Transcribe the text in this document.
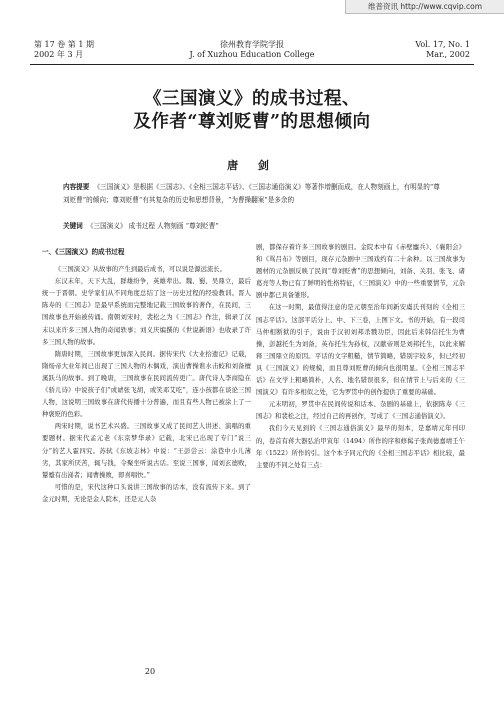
维普资讯 http://www.cqvip.com
第 17 卷 第 1 期
2002 年 3 月
徐州教育学院学报
J. of Xuzhou Education College
Vol. 17, No. 1
Mar., 2002
《三国演义》的成书过程、
及作者“尊刘贬曹”的思想倾向
唐 剑
内容提要 《三国演义》是根据《三国志》、《全相三国志平话》、《三国志通俗演义》等著作增删而成，在人物刻画上，有明显的“尊刘贬曹”的倾向；尊刘贬曹“有其复杂的历史和思想背景，“为曹操翻案”是多余的
关键词 《三国演义》 成书过程 人物刻画 “尊刘贬曹”
一、《三国演义》的成书过程

《三国演义》从故事的产生到最后成书，可以说是源远流长。

东汉末年，天下大乱，群雄纷争，英雄辈出。魏、蜀、吴鼎立，最后统一于晋朝。史学家们从不同角度总结了这一历史过程的经验教训。晋人陈寿的《三国志》是最早系统而完整地记载三国故事的著作，在民间，三国故事也开始被传诵。南朝刘宋时，裴松之为《三国志》作注，辑录了汉末以来许多三国人物的奇闻轶事；刘义庆编撰的《世说新语》也收录了许多三国人物的故事。

隋唐时期，三国故事更加深入民间。据传宋代《大业拾遗记》记载，隋炀帝大业年间已出现了三国人物的木偶戏，演出曹操谯水击蛟和刘备檀溪跃马的故事。到了晚唐，三国故事在民间流传更广。唐代诗人李商隐在《骄儿诗》中说孩子们“或谑张飞胡，或笑邓艾吃”，连小孩都在谈论三国人物，这说明三国故事在唐代传播十分普遍，而且有些人物已被涂上了一种褒贬的色彩。

两宋时期，说书艺术兴盛。三国故事又成了民间艺人讲述、演唱的重要题材。据宋代孟元老《东京梦华录》记载，北宋已出现了专门“说三分”的艺人霍四究。苏轼《东坡志林》中说：“王彭尝云：涂巷中小儿薄劣，其家所厌苦，辄与钱，令聚坐听说古话。至说三国事，闻刘玄德败，颦蹙有出涕者；闻曹操败，即喜唱快。”

可惜的是，宋代这种口头说讲三国故事的话本，没有流传下来。到了金元时期，无论是金人院本，还是元人杂

剧，都保存着许多三国故事的剧目。金院本中有《赤壁鏖兵》、《襄阳会》和《骂吕布》等剧目，现存元杂剧中三国戏约有二十余种。以三国故事为题材的元杂剧反映了民间“尊刘贬曹”的思想倾向，刘备、关羽、张飞、诸葛亮等人物已有了鲜明的性格特征，《三国演义》中的一些重要情节，元杂剧中都已具备雏形。

在这一时期，最值得注意的是元朝至治年间新安虞氏刊刻的《全相三国志平话》。这部平话分上、中、下三卷，上图下文。书的开始，有一段司马仲相断狱的引子，说由于汉初刘邦杀戮功臣，因此后来韩信托生为曹操，彭越托生为刘备，英布托生为孙权，汉献帝则是刘邦托生，以此来解释三国鼎立的原因。平话的文字粗糙，情节简略，错别字较多，但已经初具《三国演义》的规模，而且尊刘贬曹的倾向也很明显。《全相三国志平话》在文学上粗略简朴，人名、地名错误很多，但在情节上与后来的《三国演义》有许多相似之处，它为罗贯中的创作提供了重要的基础。

元末明初，罗贯中在民间传说和话本、杂剧的基础上，依据陈寿《三国志》和裴松之注，经过自己的再创作，写成了《三国志通俗演义》。

我们今天见到的《三国志通俗演义》最早的刻本，是嘉靖元年刊印的，卷首有蒋大器弘治甲寅年（1494）所作的序和修髯子张尚德嘉靖壬午年（1522）所作的引。这个本子同元代的《全相三国志平话》相比较，最主要的不同之处有三点：

20
